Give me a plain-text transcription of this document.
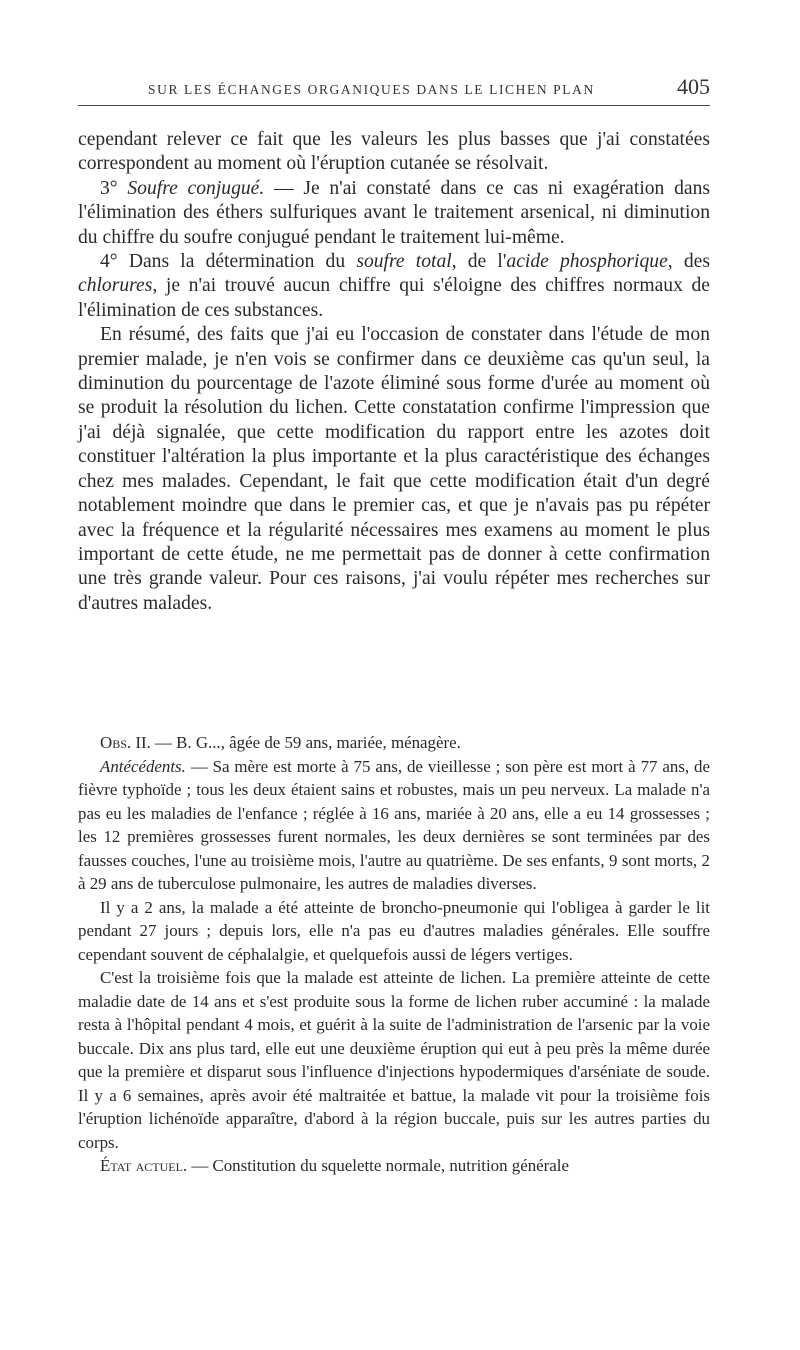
SUR LES ÉCHANGES ORGANIQUES DANS LE LICHEN PLAN	405

cependant relever ce fait que les valeurs les plus basses que j'ai constatées correspondent au moment où l'éruption cutanée se résolvait.

3° Soufre conjugué. — Je n'ai constaté dans ce cas ni exagération dans l'élimination des éthers sulfuriques avant le traitement arsenical, ni diminution du chiffre du soufre conjugué pendant le traitement lui-même.

4° Dans la détermination du soufre total, de l'acide phosphorique, des chlorures, je n'ai trouvé aucun chiffre qui s'éloigne des chiffres normaux de l'élimination de ces substances.

En résumé, des faits que j'ai eu l'occasion de constater dans l'étude de mon premier malade, je n'en vois se confirmer dans ce deuxième cas qu'un seul, la diminution du pourcentage de l'azote éliminé sous forme d'urée au moment où se produit la résolution du lichen. Cette constatation confirme l'impression que j'ai déjà signalée, que cette modification du rapport entre les azotes doit constituer l'altération la plus importante et la plus caractéristique des échanges chez mes malades. Cependant, le fait que cette modification était d'un degré notablement moindre que dans le premier cas, et que je n'avais pas pu répéter avec la fréquence et la régularité nécessaires mes examens au moment le plus important de cette étude, ne me permettait pas de donner à cette confirmation une très grande valeur. Pour ces raisons, j'ai voulu répéter mes recherches sur d'autres malades.

Obs. II. — B. G..., âgée de 59 ans, mariée, ménagère.

Antécédents. — Sa mère est morte à 75 ans, de vieillesse ; son père est mort à 77 ans, de fièvre typhoïde ; tous les deux étaient sains et robustes, mais un peu nerveux. La malade n'a pas eu les maladies de l'enfance ; réglée à 16 ans, mariée à 20 ans, elle a eu 14 grossesses ; les 12 premières grossesses furent normales, les deux dernières se sont terminées par des fausses couches, l'une au troisième mois, l'autre au quatrième. De ses enfants, 9 sont morts, 2 à 29 ans de tuberculose pulmonaire, les autres de maladies diverses.

Il y a 2 ans, la malade a été atteinte de broncho-pneumonie qui l'obligea à garder le lit pendant 27 jours ; depuis lors, elle n'a pas eu d'autres maladies générales. Elle souffre cependant souvent de céphalalgie, et quelquefois aussi de légers vertiges.

C'est la troisième fois que la malade est atteinte de lichen. La première atteinte de cette maladie date de 14 ans et s'est produite sous la forme de lichen ruber accuminé : la malade resta à l'hôpital pendant 4 mois, et guérit à la suite de l'administration de l'arsenic par la voie buccale. Dix ans plus tard, elle eut une deuxième éruption qui eut à peu près la même durée que la première et disparut sous l'influence d'injections hypodermiques d'arséniate de soude. Il y a 6 semaines, après avoir été maltraitée et battue, la malade vit pour la troisième fois l'éruption lichénoïde apparaître, d'abord à la région buccale, puis sur les autres parties du corps.

État actuel. — Constitution du squelette normale, nutrition générale
